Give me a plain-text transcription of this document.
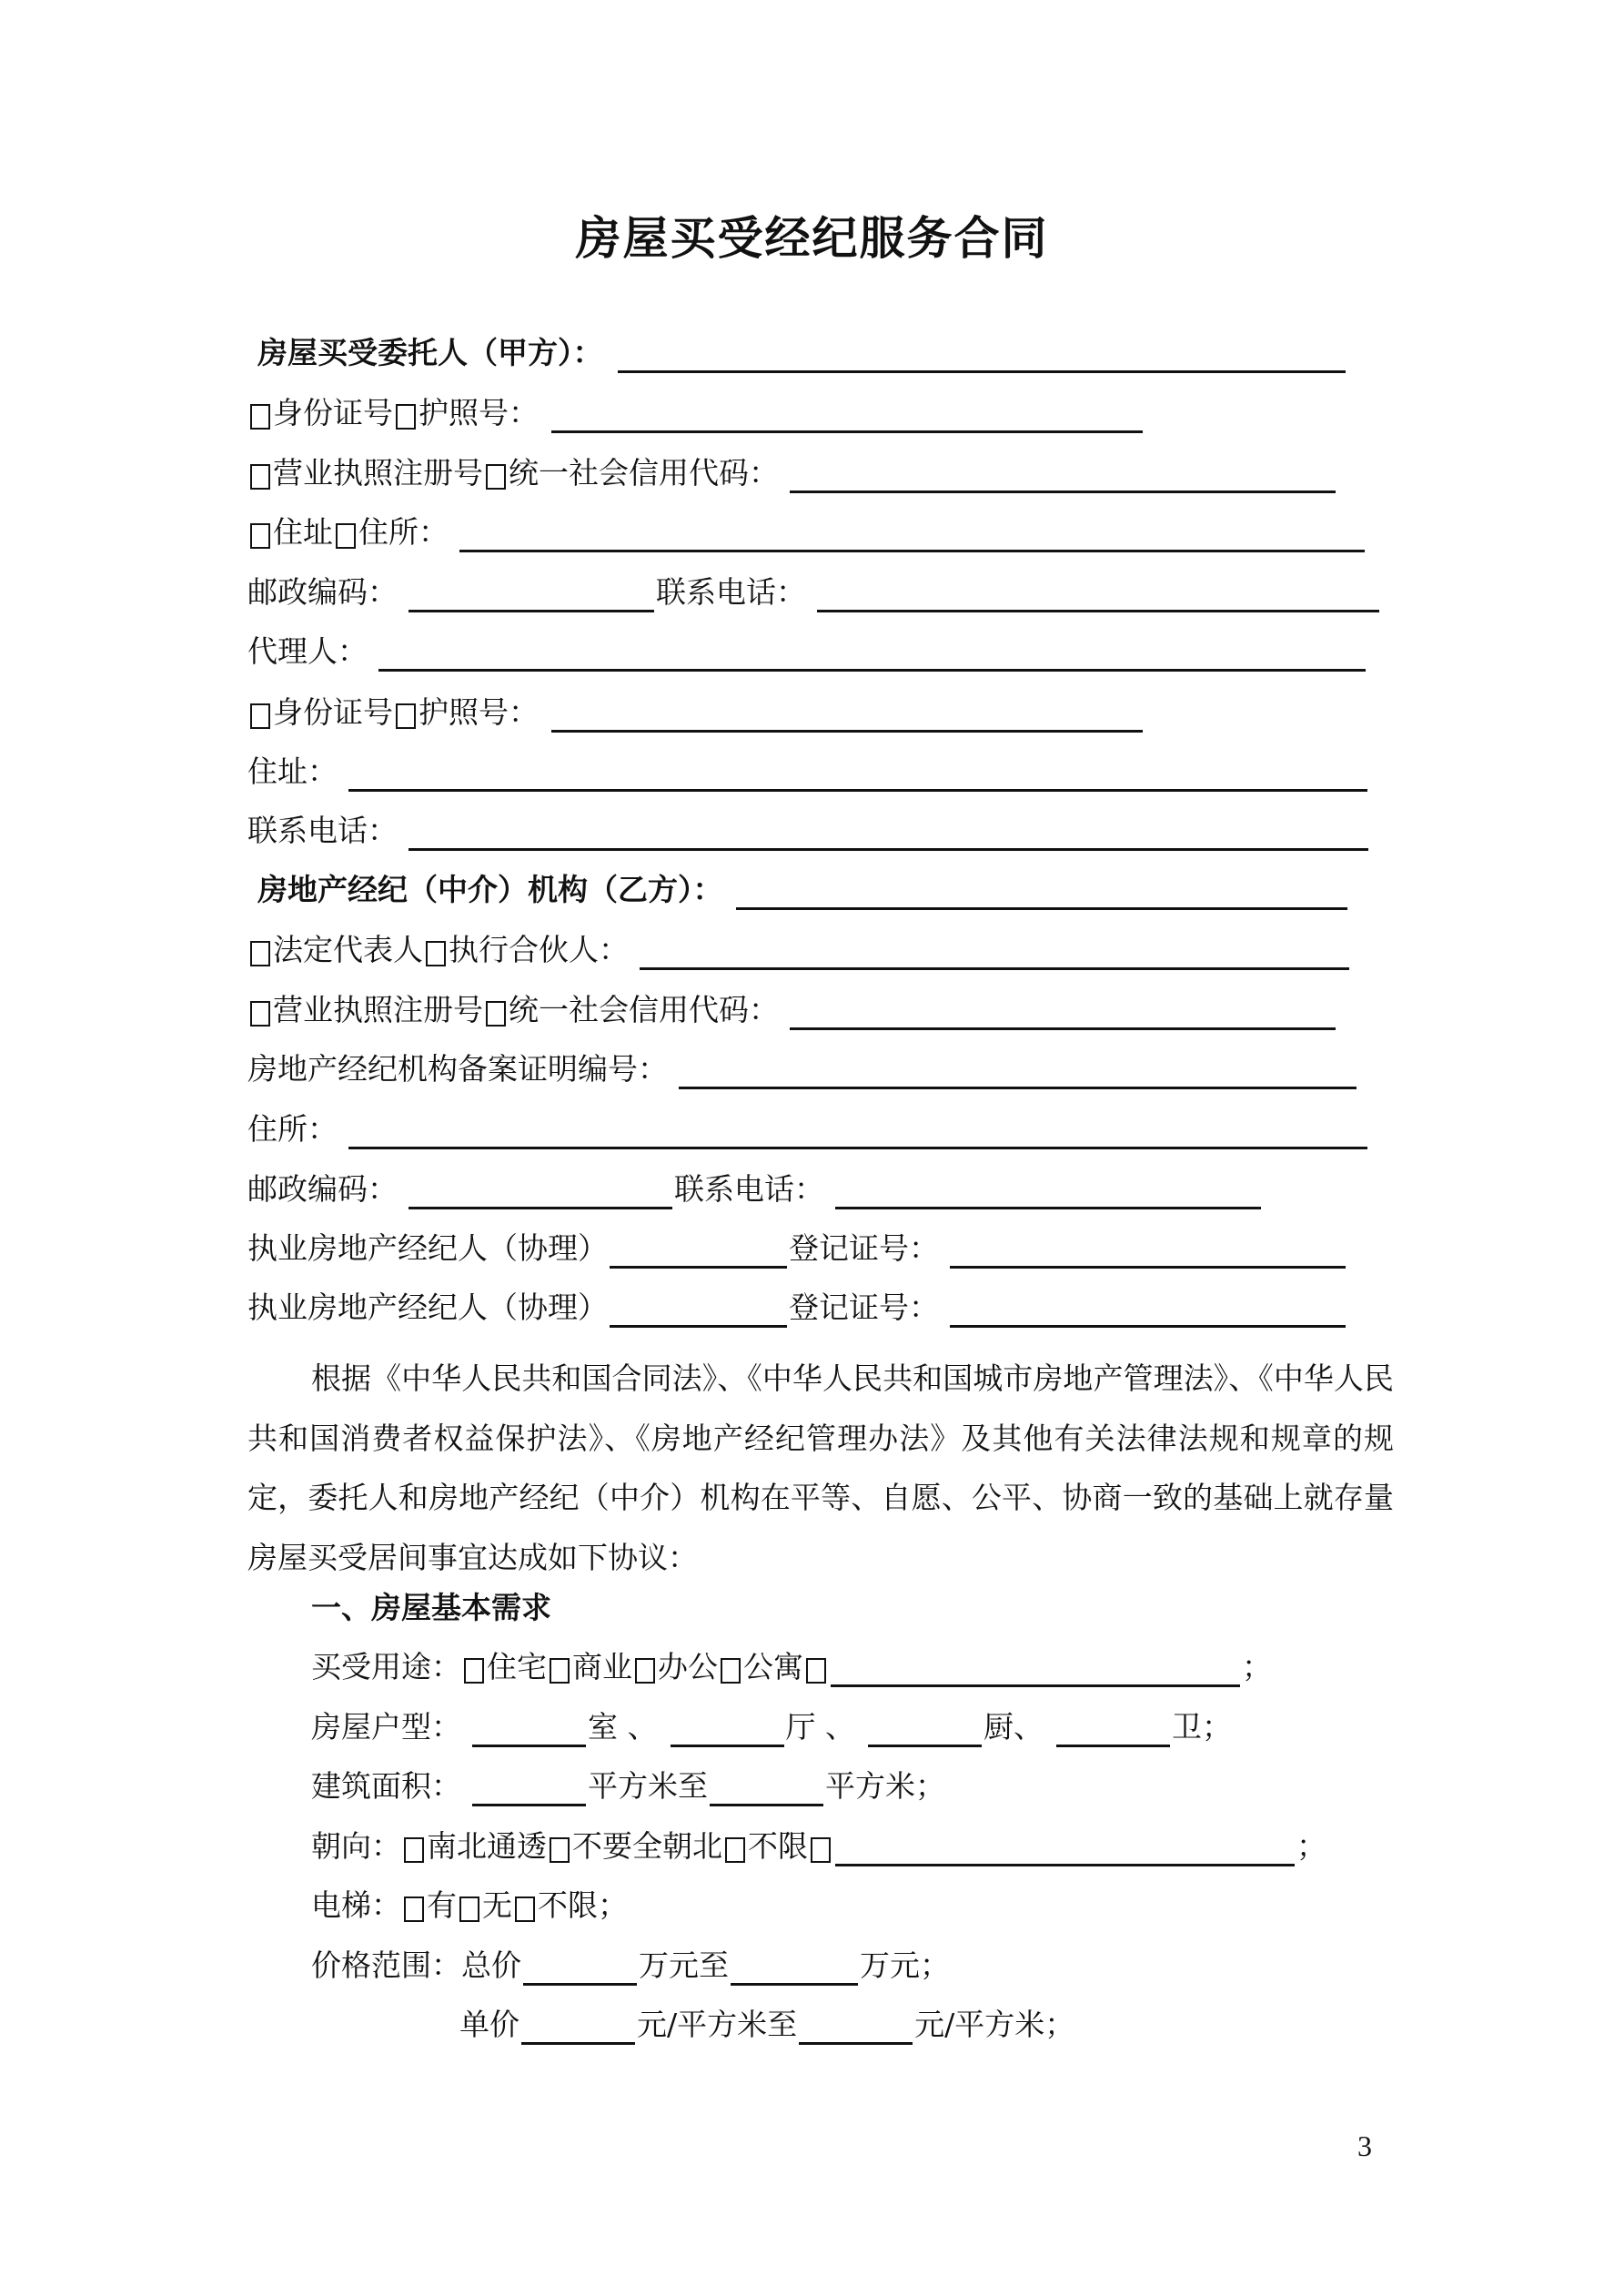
房屋买受经纪服务合同
房屋买受委托人（甲方）：
身份证号 护照号：
营业执照注册号 统一社会信用代码：
住址 住所：
邮政编码：	联系电话：
代理人：
身份证号 护照号：
住址：
联系电话：
房地产经纪（中介）机构（乙方）：
法定代表人 执行合伙人：
营业执照注册号 统一社会信用代码：
房地产经纪机构备案证明编号：
住所：
邮政编码：	联系电话：
执业房地产经纪人（协理）	登记证号：
执业房地产经纪人（协理）	登记证号：
根据《中华人民共和国合同法》、《中华人民共和国城市房地产管理法》、《中华人民共和国消费者权益保护法》、《房地产经纪管理办法》及其他有关法律法规和规章的规定，委托人和房地产经纪（中介）机构在平等、自愿、公平、协商一致的基础上就存量房屋买受居间事宜达成如下协议：
一、房屋基本需求
买受用途： 住宅 商业 办公 公寓	；
房屋户型：	室 、	厅 、	厨、	卫；
建筑面积：	平方米至	平方米；
朝向： 南北通透 不要全朝北 不限	；
电梯： 有 无 不限；
价格范围：总价	万元至	万元；
单价	元/平方米至	元/平方米；
3
